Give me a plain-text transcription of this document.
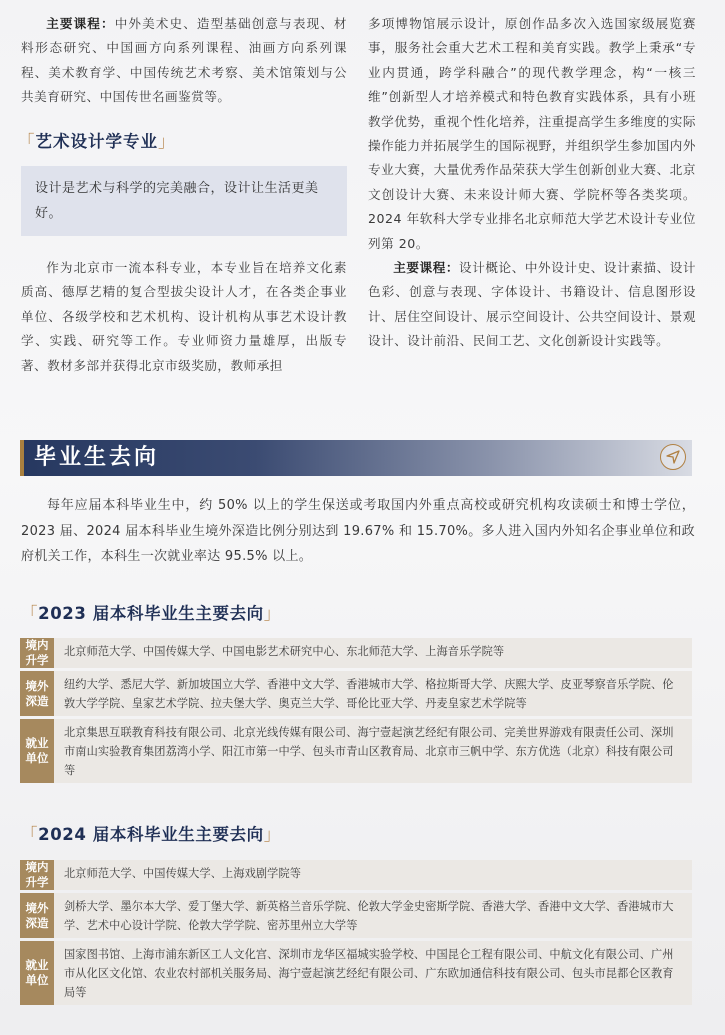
主要课程：中外美术史、造型基础创意与表现、材料形态研究、中国画方向系列课程、油画方向系列课程、美术教育学、中国传统艺术考察、美术馆策划与公共美育研究、中国传世名画鉴赏等。

「艺术设计学专业」
设计是艺术与科学的完美融合，设计让生活更美好。

作为北京市一流本科专业，本专业旨在培养文化素质高、德厚艺精的复合型拔尖设计人才，在各类企事业单位、各级学校和艺术机构、设计机构从事艺术设计教学、实践、研究等工作。专业师资力量雄厚，出版专著、教材多部并获得北京市级奖励，教师承担

多项博物馆展示设计，原创作品多次入选国家级展览赛事，服务社会重大艺术工程和美育实践。教学上秉承“专业内贯通，跨学科融合”的现代教学理念，构“一核三维”创新型人才培养模式和特色教育实践体系，具有小班教学优势，重视个性化培养，注重提高学生多维度的实际操作能力并拓展学生的国际视野，并组织学生参加国内外专业大赛，大量优秀作品荣获大学生创新创业大赛、北京文创设计大赛、未来设计师大赛、学院杯等各类奖项。2024 年软科大学专业排名北京师范大学艺术设计专业位列第 20。

主要课程：设计概论、中外设计史、设计素描、设计色彩、创意与表现、字体设计、书籍设计、信息图形设计、居住空间设计、展示空间设计、公共空间设计、景观设计、设计前沿、民间工艺、文化创新设计实践等。

毕业生去向

每年应届本科毕业生中，约 50% 以上的学生保送或考取国内外重点高校或研究机构攻读硕士和博士学位，2023 届、2024 届本科毕业生境外深造比例分别达到 19.67% 和 15.70%。多人进入国内外知名企事业单位和政府机关工作，本科生一次就业率达 95.5% 以上。

「2023 届本科毕业生主要去向」
境内升学
北京师范大学、中国传媒大学、中国电影艺术研究中心、东北师范大学、上海音乐学院等
境外深造
纽约大学、悉尼大学、新加坡国立大学、香港中文大学、香港城市大学、格拉斯哥大学、庆熙大学、皮亚琴察音乐学院、伦敦大学学院、皇家艺术学院、拉夫堡大学、奥克兰大学、哥伦比亚大学、丹麦皇家艺术学院等
就业单位
北京集思互联教育科技有限公司、北京光线传媒有限公司、海宁壹起演艺经纪有限公司、完美世界游戏有限责任公司、深圳市南山实验教育集团荔湾小学、阳江市第一中学、包头市青山区教育局、北京市三帆中学、东方优选（北京）科技有限公司等
「2024 届本科毕业生主要去向」
境内升学
北京师范大学、中国传媒大学、上海戏剧学院等
境外深造
剑桥大学、墨尔本大学、爱丁堡大学、新英格兰音乐学院、伦敦大学金史密斯学院、香港大学、香港中文大学、香港城市大学、艺术中心设计学院、伦敦大学学院、密苏里州立大学等
就业单位
国家图书馆、上海市浦东新区工人文化宫、深圳市龙华区福城实验学校、中国昆仑工程有限公司、中航文化有限公司、广州市从化区文化馆、农业农村部机关服务局、海宁壹起演艺经纪有限公司、广东欧加通信科技有限公司、包头市昆都仑区教育局等
